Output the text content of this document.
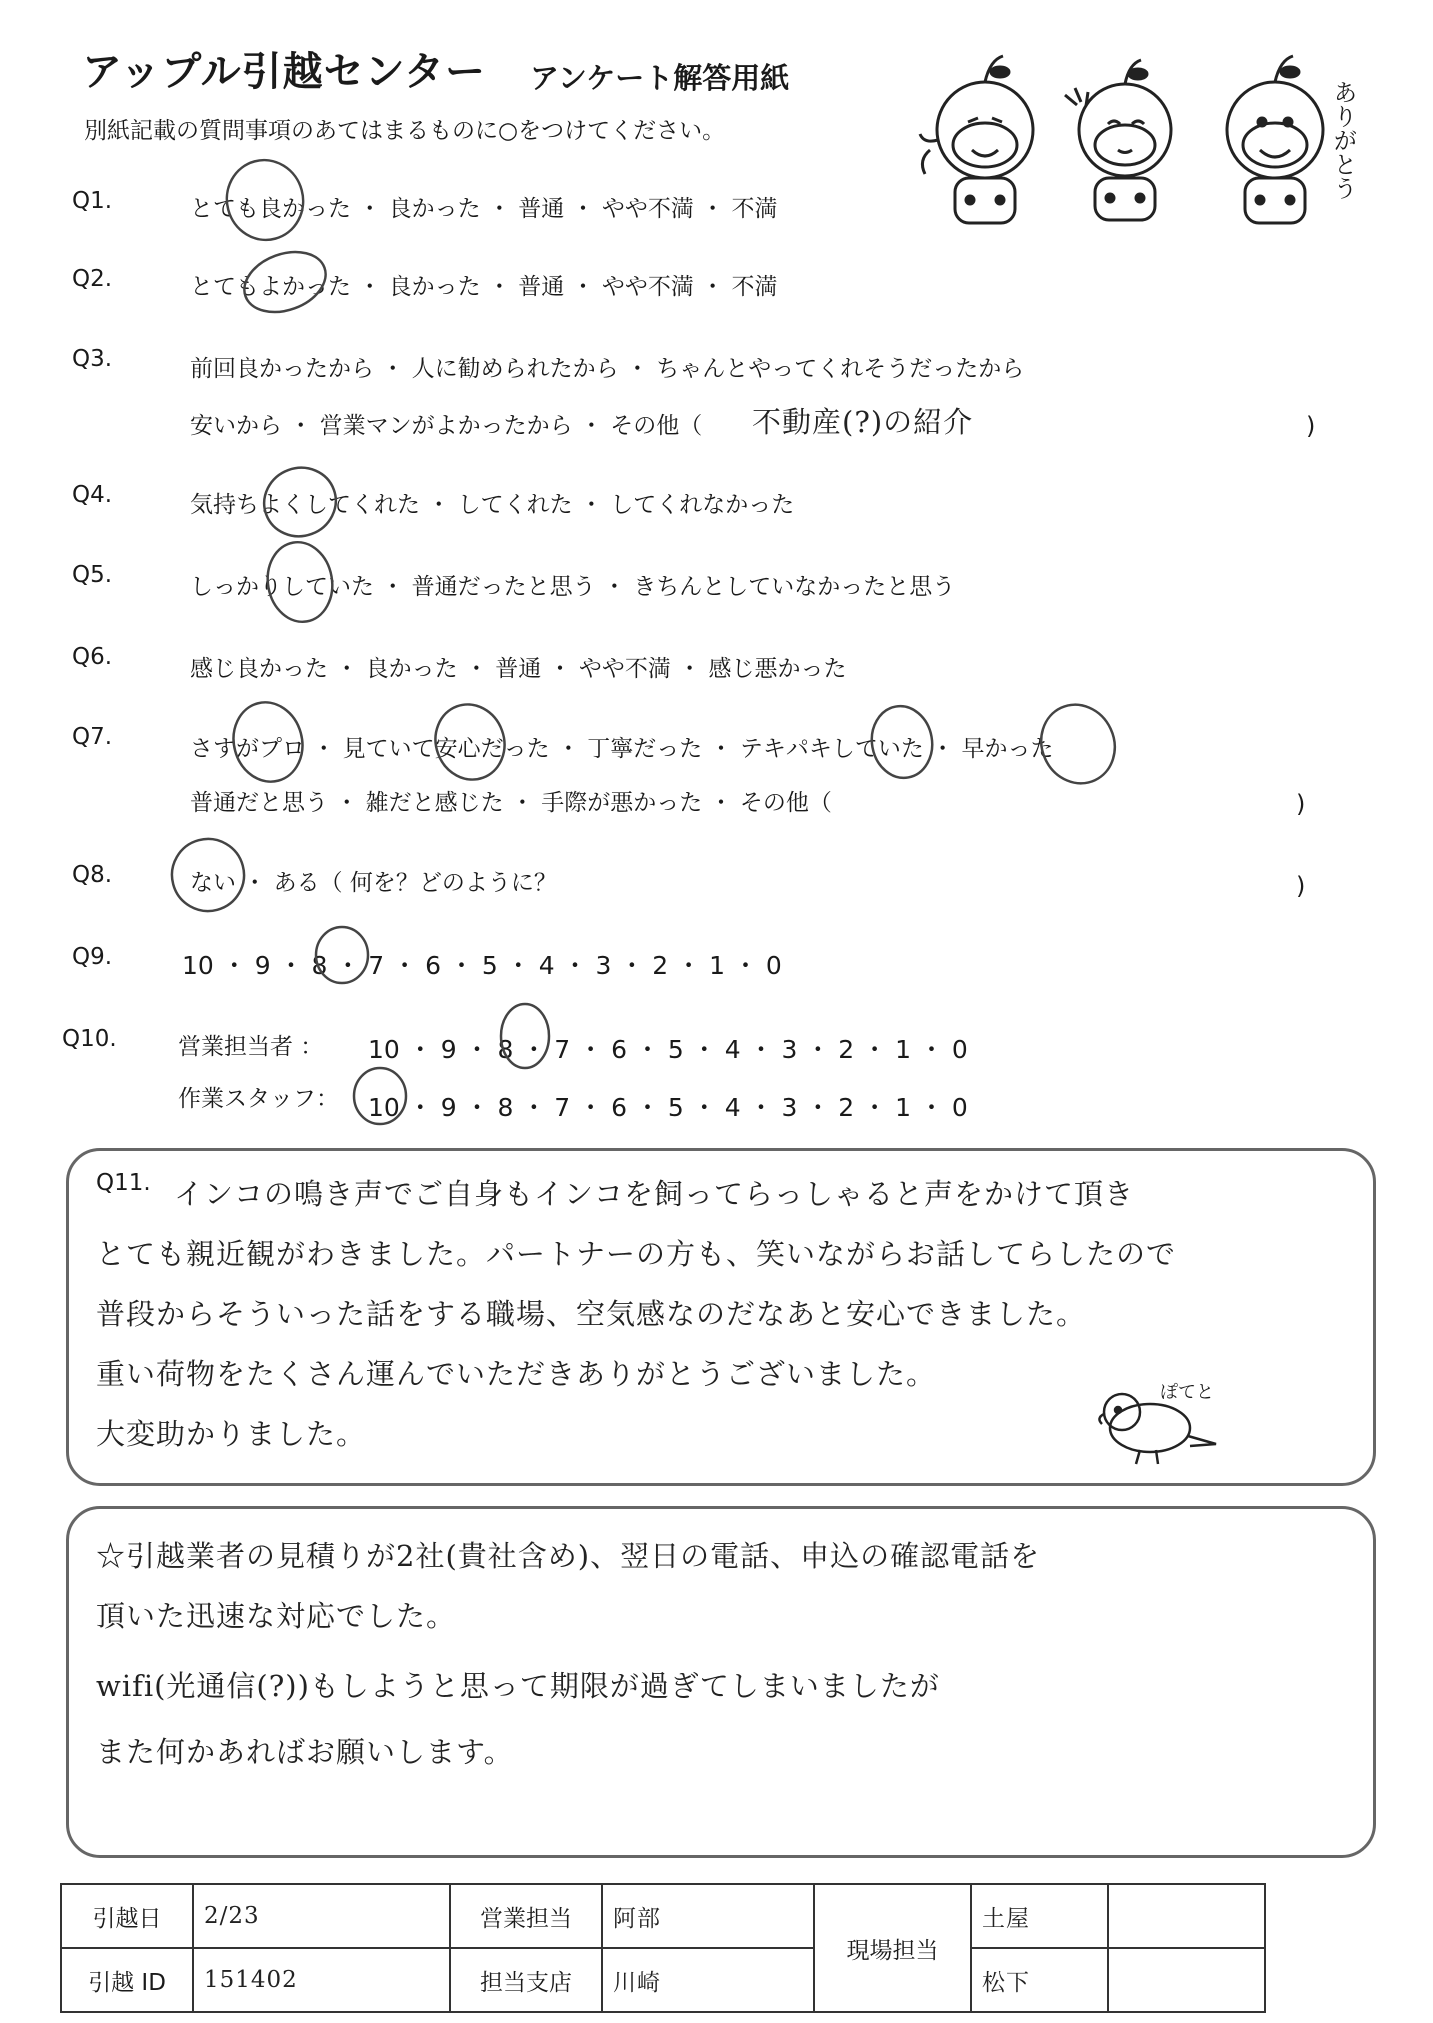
アップル引越センター アンケート解答用紙
別紙記載の質問事項のあてはまるものに○をつけてください。	ありがとう
Q1.	とても良かった ・ 良かった ・ 普通 ・ やや不満 ・ 不満
Q2.	とてもよかった ・ 良かった ・ 普通 ・ やや不満 ・ 不満
Q3.	前回良かったから ・ 人に勧められたから ・ ちゃんとやってくれそうだったから
安いから ・ 営業マンがよかったから ・ その他（ 不動産(?)の紹介	)
Q4.	気持ちよくしてくれた ・ してくれた ・ してくれなかった
Q5.	しっかりしていた ・ 普通だったと思う ・ きちんとしていなかったと思う
Q6.	感じ良かった ・ 良かった ・ 普通 ・ やや不満 ・ 感じ悪かった
Q7.	さすがプロ ・ 見ていて安心だった ・ 丁寧だった ・ テキパキしていた ・ 早かった
普通だと思う ・ 雑だと感じた ・ 手際が悪かった ・ その他（	)
Q8.	ない ・ ある（ 何を？どのように？	)
Q9.	10 ・ 9 ・ 8 ・ 7 ・ 6 ・ 5 ・ 4 ・ 3 ・ 2 ・ 1 ・ 0
Q10.	営業担当者 ： 10 ・ 9 ・ 8 ・ 7 ・ 6 ・ 5 ・ 4 ・ 3 ・ 2 ・ 1 ・ 0
作業スタッフ： 10 ・ 9 ・ 8 ・ 7 ・ 6 ・ 5 ・ 4 ・ 3 ・ 2 ・ 1 ・ 0
Q11. インコの鳴き声でご自身もインコを飼ってらっしゃると声をかけて頂き
とても親近観がわきました。パートナーの方も、笑いながらお話してらしたので
普段からそういった話をする職場、空気感なのだなあと安心できました。
重い荷物をたくさん運んでいただきありがとうございました。
大変助かりました。
ぽてと
☆引越業者の見積りが2社(貴社含め)、翌日の電話、申込の確認電話を
頂いた迅速な対応でした。
wifi(光通信(?))もしようと思って期限が過ぎてしまいましたが
また何かあればお願いします。
引越日	2/23	営業担当	阿部	現場担当	土屋	
引越 ID	151402	担当支店	川崎		松下	
